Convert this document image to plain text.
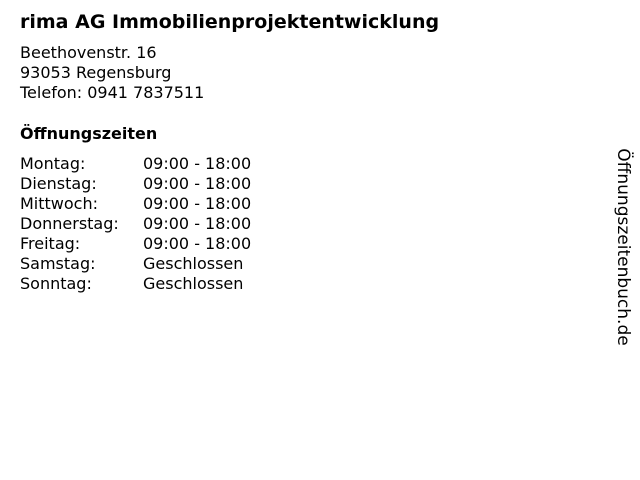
rima AG Immobilienprojektentwicklung
Beethovenstr. 16
93053 Regensburg
Telefon: 0941 7837511
Öffnungszeiten
Montag:	09:00 - 18:00
Dienstag:	09:00 - 18:00
Mittwoch:	09:00 - 18:00
Donnerstag:	09:00 - 18:00
Freitag:	09:00 - 18:00
Samstag:	Geschlossen
Sonntag:	Geschlossen	Öffnungszeitenbuch.de
